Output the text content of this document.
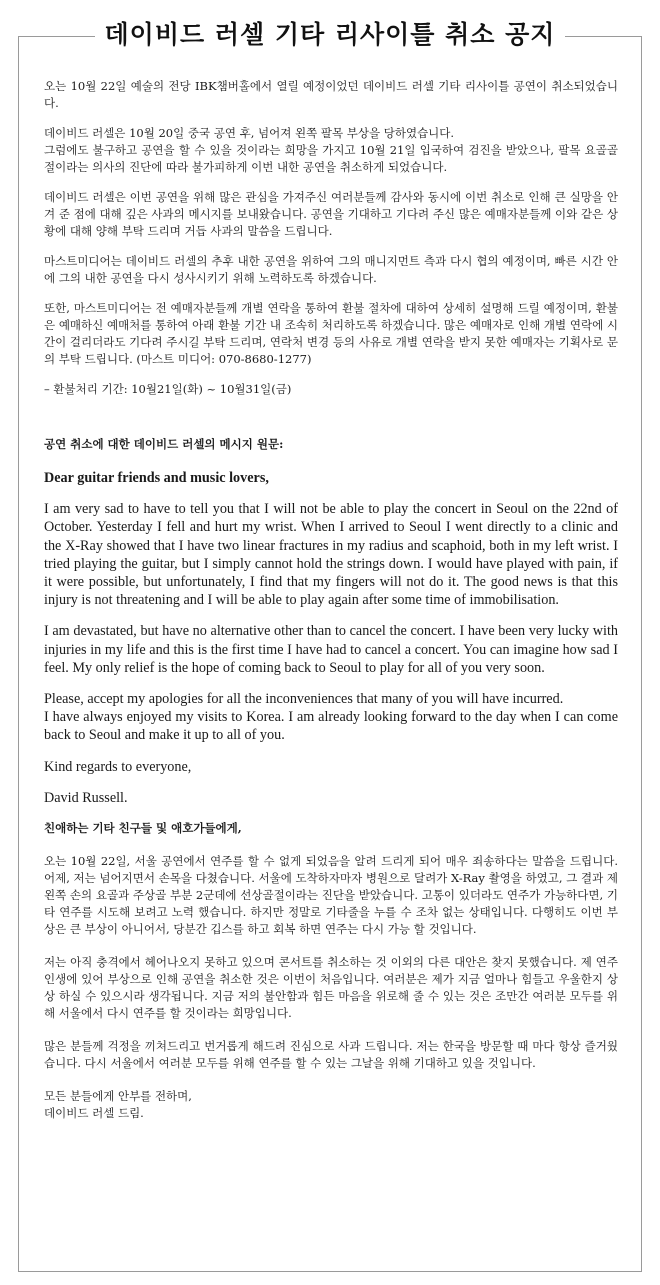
데이비드 러셀 기타 리사이틀 취소 공지

오는 10월 22일 예술의 전당 IBK챔버홀에서 열릴 예정이었던 데이비드 러셀 기타 리사이틀 공연이 취소되었습니다.

데이비드 러셀은 10월 20일 중국 공연 후, 넘어져 왼쪽 팔목 부상을 당하였습니다.
그럼에도 불구하고 공연을 할 수 있을 것이라는 희망을 가지고 10월 21일 입국하여 검진을 받았으나, 팔목 요골골절이라는 의사의 진단에 따라 불가피하게 이번 내한 공연을 취소하게 되었습니다.

데이비드 러셀은 이번 공연을 위해 많은 관심을 가져주신 여러분들께 감사와 동시에 이번 취소로 인해 큰 실망을 안겨 준 점에 대해 깊은 사과의 메시지를 보내왔습니다. 공연을 기대하고 기다려 주신 많은 예매자분들께 이와 같은 상황에 대해 양해 부탁 드리며 거듭 사과의 말씀을 드립니다.

마스트미디어는 데이비드 러셀의 추후 내한 공연을 위하여 그의 매니지먼트 측과 다시 협의 예정이며, 빠른 시간 안에 그의 내한 공연을 다시 성사시키기 위해 노력하도록 하겠습니다.

또한, 마스트미디어는 전 예매자분들께 개별 연락을 통하여 환불 절차에 대하여 상세히 설명해 드릴 예정이며, 환불은 예매하신 예매처를 통하여 아래 환불 기간 내 조속히 처리하도록 하겠습니다. 많은 예매자로 인해 개별 연락에 시간이 걸리더라도 기다려 주시길 부탁 드리며, 연락처 변경 등의 사유로 개별 연락을 받지 못한 예매자는 기획사로 문의 부탁 드립니다. (마스트 미디어: 070-8680-1277)

– 환불처리 기간: 10월21일(화) ~ 10월31일(금)

공연 취소에 대한 데이비드 러셀의 메시지 원문:

Dear guitar friends and music lovers,

I am very sad to have to tell you that I will not be able to play the concert in Seoul on the 22nd of October. Yesterday I fell and hurt my wrist. When I arrived to Seoul I went directly to a clinic and the X-Ray showed that I have two linear fractures in my radius and scaphoid, both in my left wrist. I tried playing the guitar, but I simply cannot hold the strings down. I would have played with pain, if it were possible, but unfortunately, I find that my fingers will not do it. The good news is that this injury is not threatening and I will be able to play again after some time of immobilisation.

I am devastated, but have no alternative other than to cancel the concert. I have been very lucky with injuries in my life and this is the first time I have had to cancel a concert. You can imagine how sad I feel. My only relief is the hope of coming back to Seoul to play for all of you very soon.

Please, accept my apologies for all the inconveniences that many of you will have incurred.
I have always enjoyed my visits to Korea. I am already looking forward to the day when I can come back to Seoul and make it up to all of you.

Kind regards to everyone,

David Russell.

친애하는 기타 친구들 및 애호가들에게,

오는 10월 22일, 서울 공연에서 연주를 할 수 없게 되었음을 알려 드리게 되어 매우 죄송하다는 말씀을 드립니다. 어제, 저는 넘어지면서 손목을 다쳤습니다. 서울에 도착하자마자 병원으로 달려가 X-Ray 촬영을 하였고, 그 결과 제 왼쪽 손의 요골과 주상골 부분 2군데에 선상골절이라는 진단을 받았습니다. 고통이 있더라도 연주가 가능하다면, 기타 연주를 시도해 보려고 노력 했습니다. 하지만 정말로 기타줄을 누를 수 조차 없는 상태입니다. 다행히도 이번 부상은 큰 부상이 아니어서, 당분간 깁스를 하고 회복 하면 연주는 다시 가능 할 것입니다.

저는 아직 충격에서 헤어나오지 못하고 있으며 콘서트를 취소하는 것 이외의 다른 대안은 찾지 못했습니다. 제 연주 인생에 있어 부상으로 인해 공연을 취소한 것은 이번이 처음입니다. 여러분은 제가 지금 얼마나 힘들고 우울한지 상상 하실 수 있으시라 생각됩니다. 지금 저의 불안함과 힘든 마음을 위로해 줄 수 있는 것은 조만간 여러분 모두를 위해 서울에서 다시 연주를 할 것이라는 희망입니다.

많은 분들께 걱정을 끼쳐드리고 번거롭게 해드려 진심으로 사과 드립니다. 저는 한국을 방문할 때 마다 항상 즐거웠습니다. 다시 서울에서 여러분 모두를 위해 연주를 할 수 있는 그날을 위해 기대하고 있을 것입니다.

모든 분들에게 안부를 전하며,
데이비드 러셀 드림.
